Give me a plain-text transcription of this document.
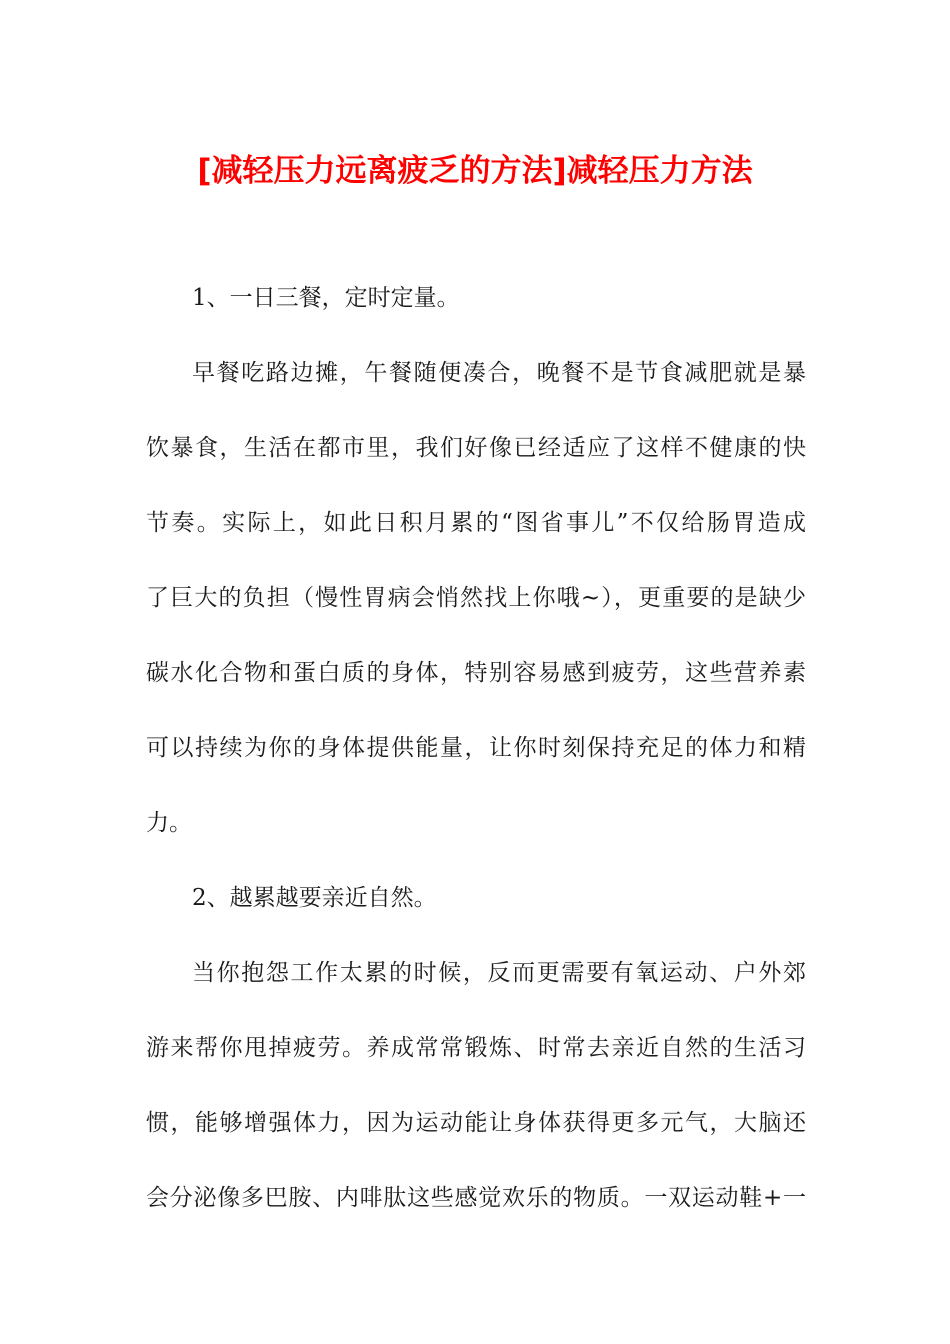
[减轻压力远离疲乏的方法]减轻压力方法
1、一日三餐，定时定量。
早餐吃路边摊，午餐随便凑合，晚餐不是节食减肥就是暴
饮暴食，生活在都市里，我们好像已经适应了这样不健康的快
节奏。实际上，如此日积月累的“图省事儿”不仅给肠胃造成
了巨大的负担（慢性胃病会悄然找上你哦~），更重要的是缺少
碳水化合物和蛋白质的身体，特别容易感到疲劳，这些营养素
可以持续为你的身体提供能量，让你时刻保持充足的体力和精
力。
2、越累越要亲近自然。
当你抱怨工作太累的时候，反而更需要有氧运动、户外郊
游来帮你甩掉疲劳。养成常常锻炼、时常去亲近自然的生活习
惯，能够增强体力，因为运动能让身体获得更多元气，大脑还
会分泌像多巴胺、内啡肽这些感觉欢乐的物质。一双运动鞋+一
